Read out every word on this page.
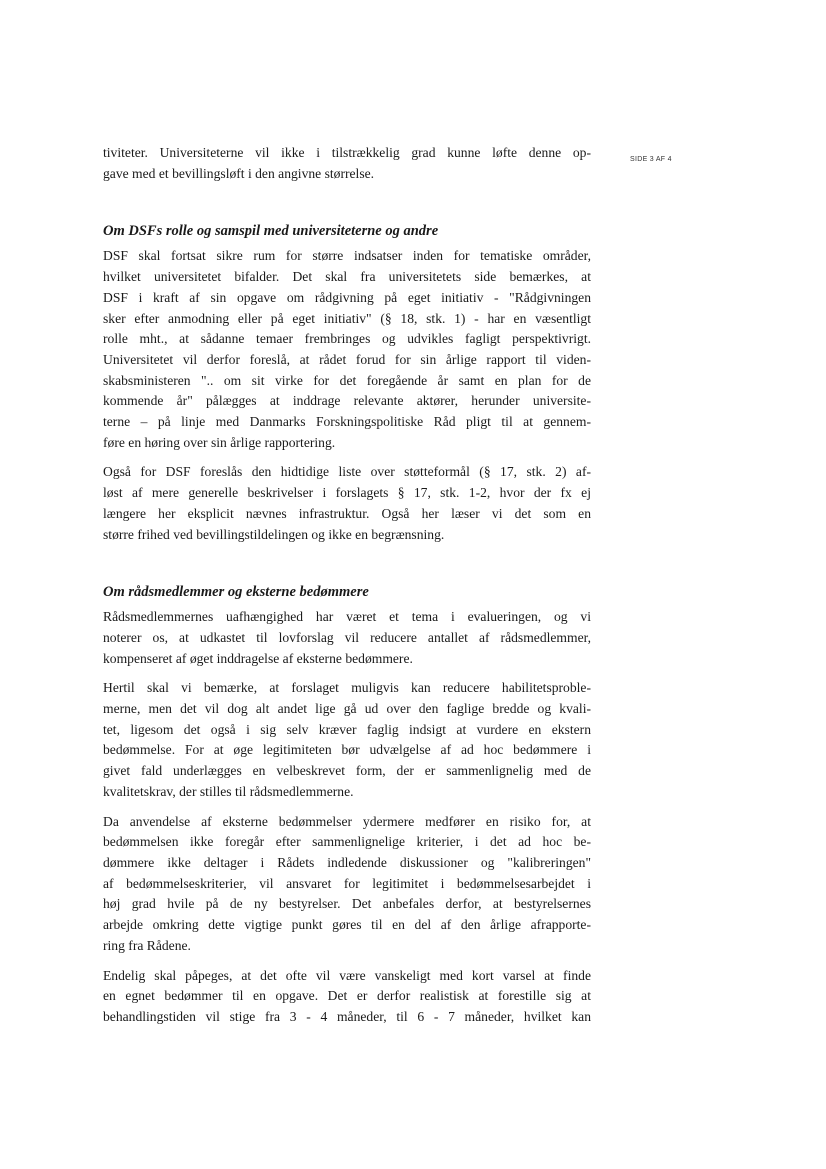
SIDE 3 AF 4

tiviteter. Universiteterne vil ikke i tilstrækkelig grad kunne løfte denne op-
gave med et bevillingsløft i den angivne størrelse.

Om DSFs rolle og samspil med universiteterne og andre

DSF skal fortsat sikre rum for større indsatser inden for tematiske områder,
hvilket universitetet bifalder. Det skal fra universitetets side bemærkes, at
DSF i kraft af sin opgave om rådgivning på eget initiativ - "Rådgivningen
sker efter anmodning eller på eget initiativ" (§ 18, stk. 1) - har en væsentligt
rolle mht., at sådanne temaer frembringes og udvikles fagligt perspektivrigt.
Universitetet vil derfor foreslå, at rådet forud for sin årlige rapport til viden-
skabsministeren ".. om sit virke for det foregående år samt en plan for de
kommende år" pålægges at inddrage relevante aktører, herunder universite-
terne – på linje med Danmarks Forskningspolitiske Råd pligt til at gennem-
føre en høring over sin årlige rapportering.

Også for DSF foreslås den hidtidige liste over støtteformål (§ 17, stk. 2) af-
løst af mere generelle beskrivelser i forslagets § 17, stk. 1-2, hvor der fx ej
længere her eksplicit nævnes infrastruktur. Også her læser vi det som en
større frihed ved bevillingstildelingen og ikke en begrænsning.

Om rådsmedlemmer og eksterne bedømmere

Rådsmedlemmernes uafhængighed har været et tema i evalueringen, og vi
noterer os, at udkastet til lovforslag vil reducere antallet af rådsmedlemmer,
kompenseret af øget inddragelse af eksterne bedømmere.

Hertil skal vi bemærke, at forslaget muligvis kan reducere habilitetsproble-
merne, men det vil dog alt andet lige gå ud over den faglige bredde og kvali-
tet, ligesom det også i sig selv kræver faglig indsigt at vurdere en ekstern
bedømmelse. For at øge legitimiteten bør udvælgelse af ad hoc bedømmere i
givet fald underlægges en velbeskrevet form, der er sammenlignelig med de
kvalitetskrav, der stilles til rådsmedlemmerne.

Da anvendelse af eksterne bedømmelser ydermere medfører en risiko for, at
bedømmelsen ikke foregår efter sammenlignelige kriterier, i det ad hoc be-
dømmere ikke deltager i Rådets indledende diskussioner og "kalibreringen"
af bedømmelseskriterier, vil ansvaret for legitimitet i bedømmelsesarbejdet i
høj grad hvile på de ny bestyrelser. Det anbefales derfor, at bestyrelsernes
arbejde omkring dette vigtige punkt gøres til en del af den årlige afrapporte-
ring fra Rådene.

Endelig skal påpeges, at det ofte vil være vanskeligt med kort varsel at finde
en egnet bedømmer til en opgave. Det er derfor realistisk at forestille sig at
behandlingstiden vil stige fra 3 - 4 måneder, til 6 - 7 måneder, hvilket kan
